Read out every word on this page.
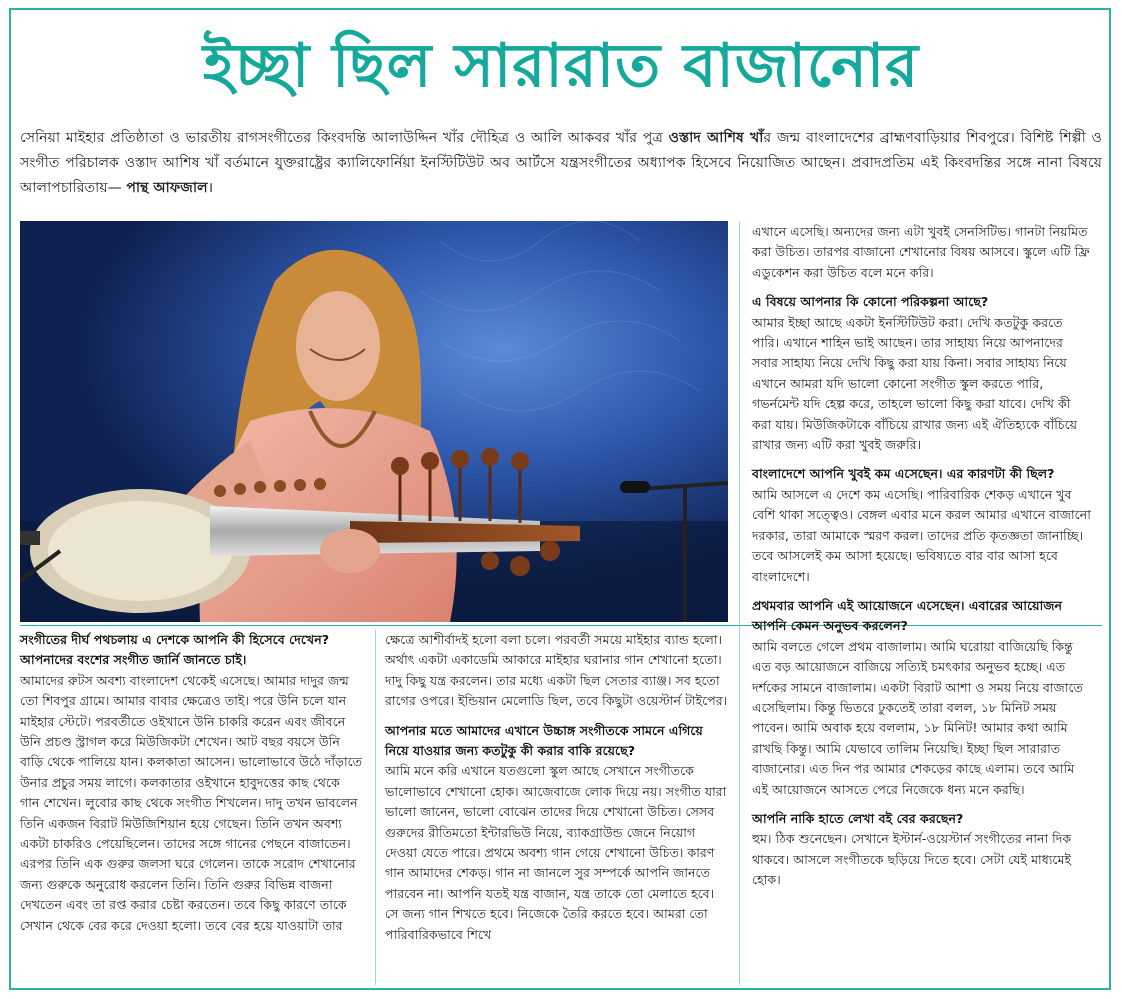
ইচ্ছা ছিল সারারাত বাজানোর
সেনিয়া মাইহার প্রতিষ্ঠাতা ও ভারতীয় রাগসংগীতের কিংবদন্তি আলাউদ্দিন খাঁর দৌহিত্র ও আলি আকবর খাঁর পুত্র ওস্তাদ আশিষ খাঁর জন্ম বাংলাদেশের ব্রাহ্মণবাড়িয়ার শিবপুরে। বিশিষ্ট শিল্পী ও সংগীত পরিচালক ওস্তাদ আশিষ খাঁ বর্তমানে যুক্তরাষ্ট্রের ক্যালিফোর্নিয়া ইনস্টিটিউট অব আর্টসে যন্ত্রসংগীতের অধ্যাপক হিসেবে নিয়োজিত আছেন। প্রবাদপ্রতিম এই কিংবদন্তির সঙ্গে নানা বিষয়ে আলাপচারিতায়— পান্থ আফজাল।

সংগীতের দীর্ঘ পথচলায় এ দেশকে আপনি কী হিসেবে দেখেন? আপনাদের বংশের সংগীত জার্নি জানতে চাই।

আমাদের রুটস অবশ্য বাংলাদেশ থেকেই এসেছে। আমার দাদুর জন্ম তো শিবপুর গ্রামে। আমার বাবার ক্ষেত্রেও তাই। পরে উনি চলে যান মাইহার স্টেটে। পরবর্তীতে ওইখানে উনি চাকরি করেন এবং জীবনে উনি প্রচণ্ড স্ট্রাগল করে মিউজিকটা শেখেন। আট বছর বয়সে উনি বাড়ি থেকে পালিয়ে যান। কলকাতা আসেন। ভালোভাবে উঠে দাঁড়াতে উনার প্রচুর সময় লাগে। কলকাতার ওইখানে হাবুদত্তের কাছ থেকে গান শেখেন। লুবোর কাছ থেকে সংগীত শিখলেন। দাদু তখন ভাবলেন তিনি একজন বিরাট মিউজিশিয়ান হয়ে গেছেন। তিনি তখন অবশ্য একটা চাকরিও পেয়েছিলেন। তাদের সঙ্গে গানের পেছনে বাজাতেন। এরপর তিনি এক গুরুর জলসা ঘরে গেলেন। তাকে সরোদ শেখানোর জন্য গুরুকে অনুরোধ করলেন তিনি। তিনি গুরুর বিভিন্ন বাজনা দেখতেন এবং তা রপ্ত করার চেষ্টা করতেন। তবে কিছু কারণে তাকে সেখান থেকে বের করে দেওয়া হলো। তবে বের হয়ে যাওয়াটা তার

ক্ষেত্রে আশীর্বাদই হলো বলা চলে। পরবর্তী সময়ে মাইহার ব্যান্ড হলো। অর্থাৎ একটা একাডেমি আকারে মাইহার ঘরানার গান শেখানো হতো। দাদু কিছু যন্ত্র করলেন। তার মধ্যে একটা ছিল সেতার ব্যাঞ্জ। সব হতো রাগের ওপরে। ইন্ডিয়ান মেলোডি ছিল, তবে কিছুটা ওয়েস্টার্ন টাইপের।

আপনার মতে আমাদের এখানে উচ্চাঙ্গ সংগীতকে সামনে এগিয়ে নিয়ে যাওয়ার জন্য কতটুকু কী করার বাকি রয়েছে?

আমি মনে করি এখানে যতগুলো স্কুল আছে সেখানে সংগীতকে ভালোভাবে শেখানো হোক। আজেবাজে লোক দিয়ে নয়। সংগীত যারা ভালো জানেন, ভালো বোঝেন তাদের দিয়ে শেখানো উচিত। সেসব গুরুদের রীতিমতো ইন্টারভিউ নিয়ে, ব্যাকগ্রাউন্ড জেনে নিয়োগ দেওয়া যেতে পারে। প্রথমে অবশ্য গান গেয়ে শেখানো উচিত। কারণ গান আমাদের শেকড়। গান না জানলে সুর সম্পর্কে আপনি জানতে পারবেন না। আপনি যতই যন্ত্র বাজান, যন্ত্র তাকে তো মেলাতে হবে। সে জন্য গান শিখতে হবে। নিজেকে তৈরি করতে হবে। আমরা তো পারিবারিকভাবে শিখে

এখানে এসেছি। অন্যদের জন্য এটা খুবই সেনসিটিভ। গানটা নিয়মিত করা উচিত। তারপর বাজানো শেখানোর বিষয় আসবে। স্কুলে এটি ফ্রি এডুকেশন করা উচিত বলে মনে করি।

এ বিষয়ে আপনার কি কোনো পরিকল্পনা আছে?

আমার ইচ্ছা আছে একটা ইনস্টিটিউট করা। দেখি কতটুকু করতে পারি। এখানে শাহিন ভাই আছেন। তার সাহায্য নিয়ে আপনাদের সবার সাহায্য নিয়ে দেখি কিছু করা যায় কিনা। সবার সাহায্য নিয়ে এখানে আমরা যদি ভালো কোনো সংগীত স্কুল করতে পারি, গভর্নমেন্ট যদি হেল্প করে, তাহলে ভালো কিছু করা যাবে। দেখি কী করা যায়। মিউজিকটাকে বাঁচিয়ে রাখার জন্য এই ঐতিহ্যকে বাঁচিয়ে রাখার জন্য এটি করা খুবই জরুরি।

বাংলাদেশে আপনি খুবই কম এসেছেন। এর কারণটা কী ছিল?

আমি আসলে এ দেশে কম এসেছি। পারিবারিক শেকড় এখানে খুব বেশি থাকা সত্ত্বেও। বেঙ্গল এবার মনে করল আমার এখানে বাজানো দরকার, তারা আমাকে স্মরণ করল। তাদের প্রতি কৃতজ্ঞতা জানাচ্ছি। তবে আসলেই কম আসা হয়েছে। ভবিষ্যতে বার বার আসা হবে বাংলাদেশে।

প্রথমবার আপনি এই আয়োজনে এসেছেন। এবারের আয়োজন আপনি কেমন অনুভব করলেন?

আমি বলতে গেলে প্রথম বাজালাম। আমি ঘরোয়া বাজিয়েছি কিন্তু এত বড় আয়োজনে বাজিয়ে সত্যিই চমৎকার অনুভব হচ্ছে। এত দর্শকের সামনে বাজালাম। একটা বিরাট আশা ও সময় নিয়ে বাজাতে এসেছিলাম। কিন্তু ভিতরে ঢুকতেই তারা বলল, ১৮ মিনিট সময় পাবেন। আমি অবাক হয়ে বললাম, ১৮ মিনিট! আমার কথা আমি রাখছি কিন্তু। আমি যেভাবে তালিম নিয়েছি। ইচ্ছা ছিল সারারাত বাজানোর। এত দিন পর আমার শেকড়ের কাছে এলাম। তবে আমি এই আয়োজনে আসতে পেরে নিজেকে ধন্য মনে করছি।

আপনি নাকি হাতে লেখা বই বের করছেন?

হুম। ঠিক শুনেছেন। সেখানে ইস্টার্ন-ওয়েস্টার্ন সংগীতের নানা দিক থাকবে। আসলে সংগীতকে ছড়িয়ে দিতে হবে। সেটা যেই মাধ্যমেই হোক।
